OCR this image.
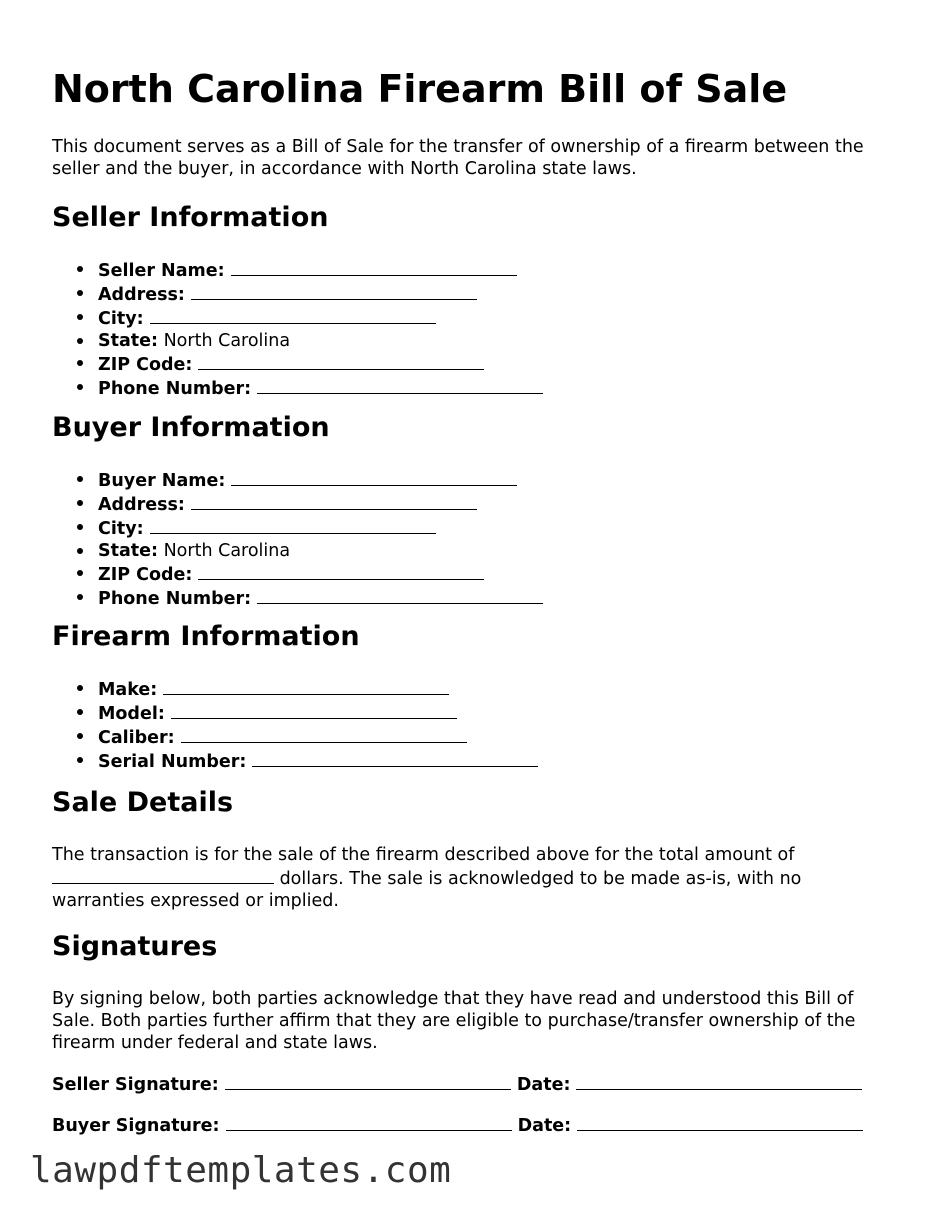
North Carolina Firearm Bill of Sale

This document serves as a Bill of Sale for the transfer of ownership of a firearm between the seller and the buyer, in accordance with North Carolina state laws.

Seller Information
Seller Name:
Address:
City:
State: North Carolina
ZIP Code:
Phone Number:
Buyer Information
Buyer Name:
Address:
City:
State: North Carolina
ZIP Code:
Phone Number:
Firearm Information
Make:
Model:
Caliber:
Serial Number:
Sale Details

The transaction is for the sale of the firearm described above for the total amount of  dollars. The sale is acknowledged to be made as-is, with no warranties expressed or implied.

Signatures

By signing below, both parties acknowledge that they have read and understood this Bill of Sale. Both parties further affirm that they are eligible to purchase/transfer ownership of the firearm under federal and state laws.

Seller Signature:	Date:
Buyer Signature:	Date:
lawpdftemplates.com
